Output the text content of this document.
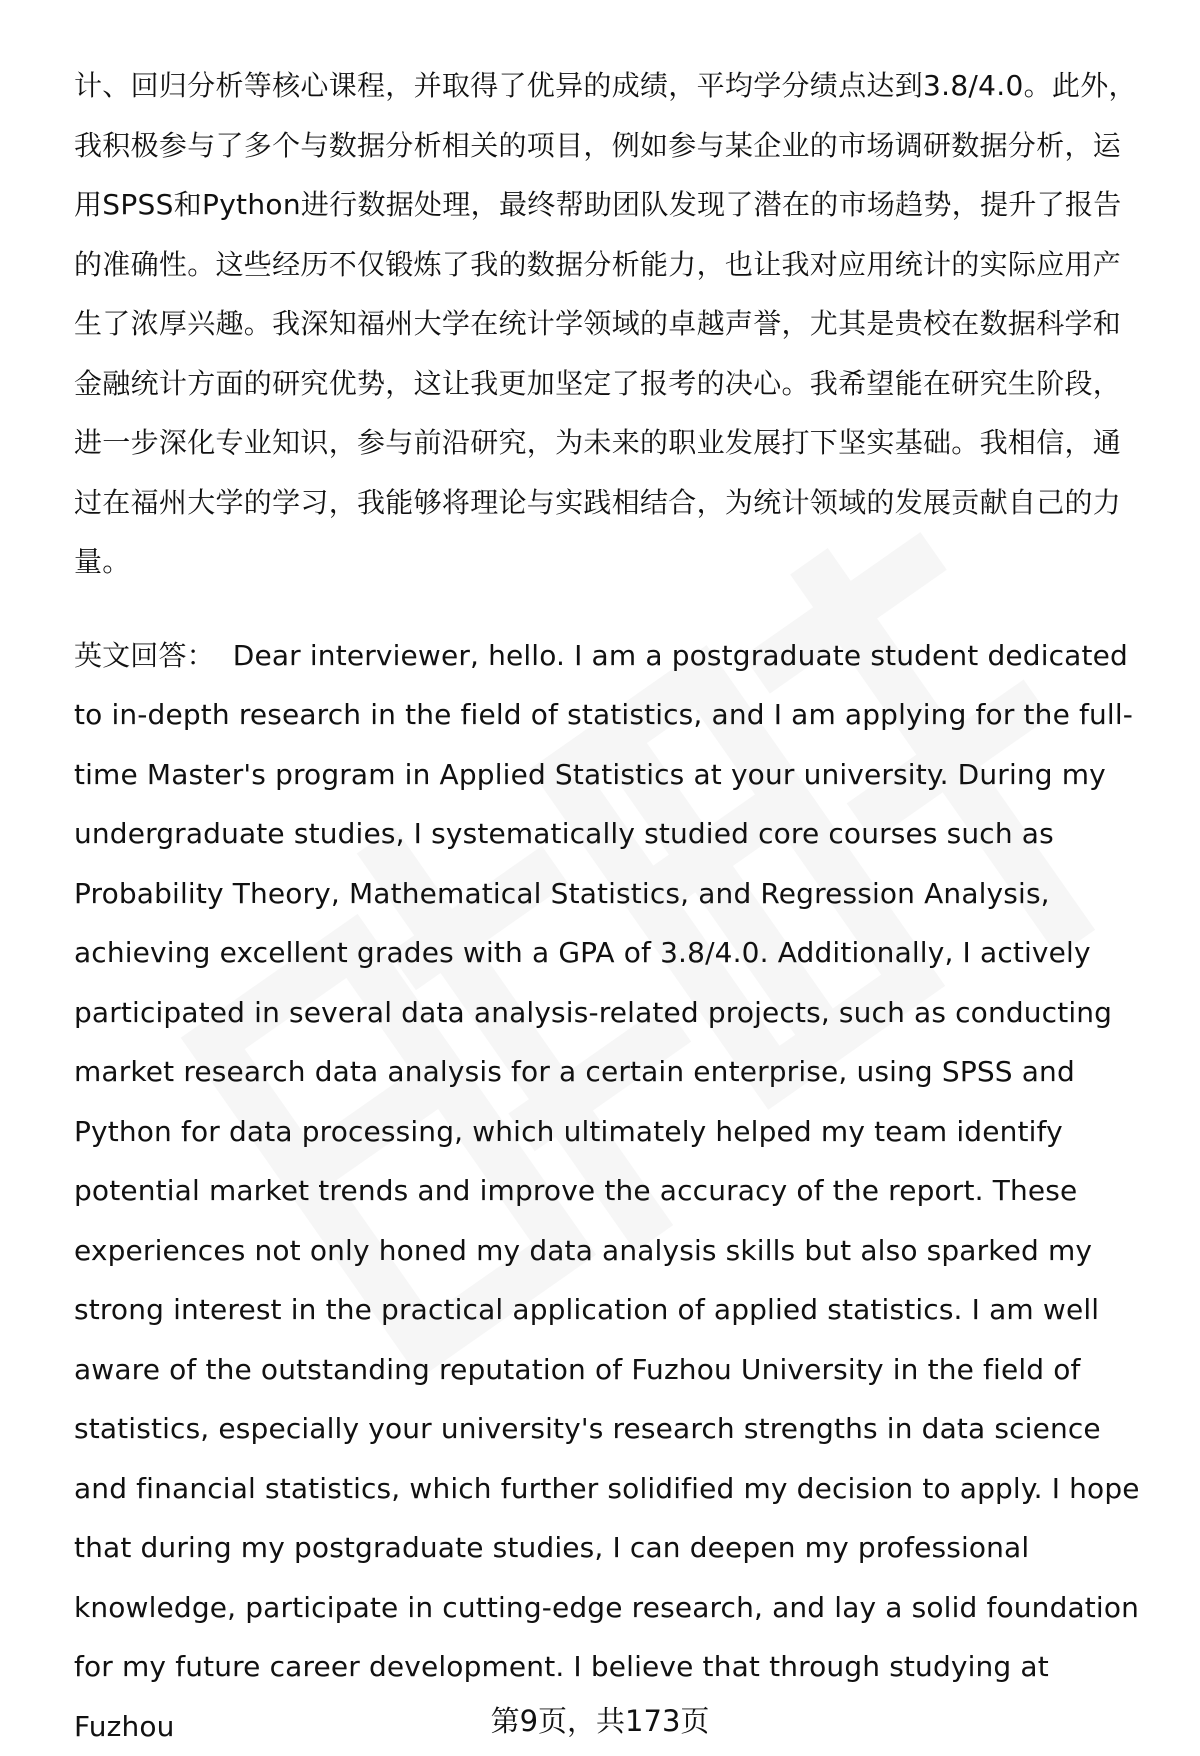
计、回归分析等核心课程，并取得了优异的成绩，平均学分绩点达到3.8/4.0。此外，我积极参与了多个与数据分析相关的项目，例如参与某企业的市场调研数据分析，运用SPSS和Python进行数据处理，最终帮助团队发现了潜在的市场趋势，提升了报告的准确性。这些经历不仅锻炼了我的数据分析能力，也让我对应用统计的实际应用产生了浓厚兴趣。我深知福州大学在统计学领域的卓越声誉，尤其是贵校在数据科学和金融统计方面的研究优势，这让我更加坚定了报考的决心。我希望能在研究生阶段，进一步深化专业知识，参与前沿研究，为未来的职业发展打下坚实基础。我相信，通过在福州大学的学习，我能够将理论与实践相结合，为统计领域的发展贡献自己的力量。

英文回答： Dear interviewer, hello. I am a postgraduate student dedicated to in-depth research in the field of statistics, and I am applying for the full-time Master's program in Applied Statistics at your university. During my undergraduate studies, I systematically studied core courses such as Probability Theory, Mathematical Statistics, and Regression Analysis, achieving excellent grades with a GPA of 3.8/4.0. Additionally, I actively participated in several data analysis-related projects, such as conducting market research data analysis for a certain enterprise, using SPSS and Python for data processing, which ultimately helped my team identify potential market trends and improve the accuracy of the report. These experiences not only honed my data analysis skills but also sparked my strong interest in the practical application of applied statistics. I am well aware of the outstanding reputation of Fuzhou University in the field of statistics, especially your university's research strengths in data science and financial statistics, which further solidified my decision to apply. I hope that during my postgraduate studies, I can deepen my professional knowledge, participate in cutting-edge research, and lay a solid foundation for my future career development. I believe that through studying at Fuzhou	第9页，共173页
